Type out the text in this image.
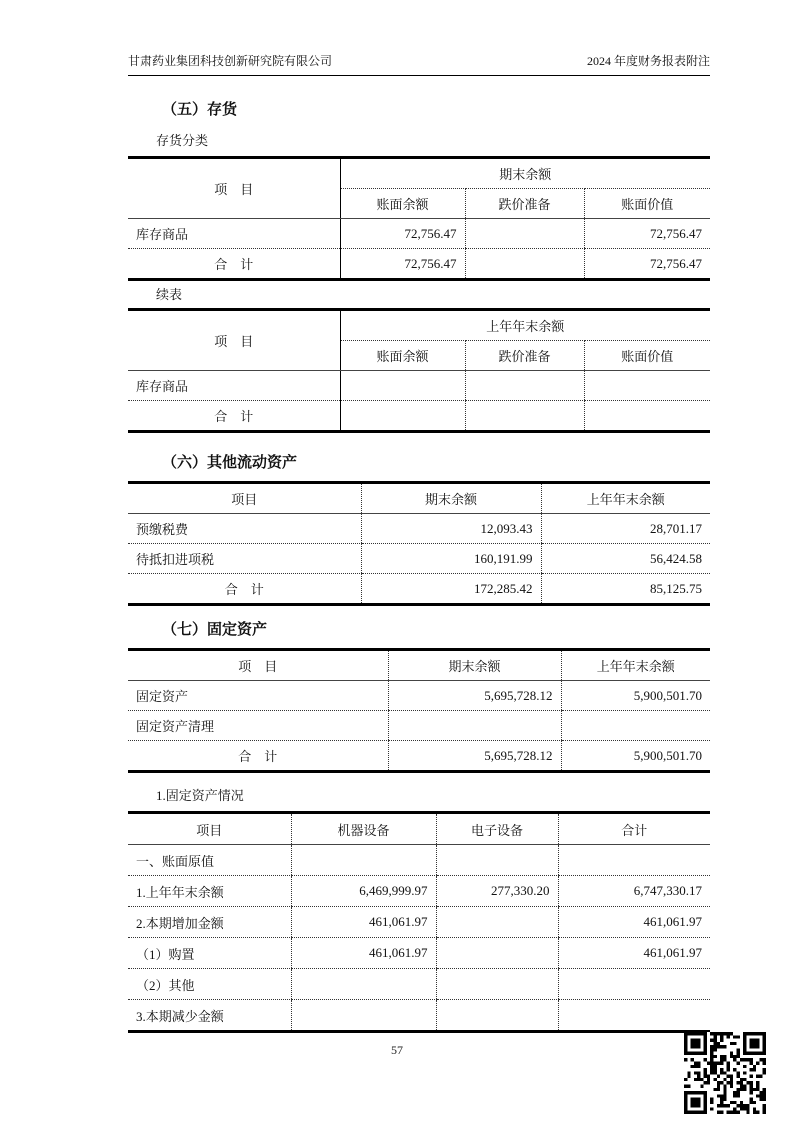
甘肃药业集团科技创新研究院有限公司	2024 年度财务报表附注
（五）存货
存货分类
项　目	期末余额		
	账面余额	跌价准备	账面价值
库存商品	72,756.47		72,756.47
合　计	72,756.47		72,756.47
续表
项　目	上年年末余额		
	账面余额	跌价准备	账面价值
库存商品			
合　计			
（六）其他流动资产
项目	期末余额	上年年末余额
预缴税费	12,093.43	28,701.17
待抵扣进项税	160,191.99	56,424.58
合　计	172,285.42	85,125.75
（七）固定资产
项　目	期末余额	上年年末余额
固定资产	5,695,728.12	5,900,501.70
固定资产清理		
合　计	5,695,728.12	5,900,501.70
1.固定资产情况
项目	机器设备	电子设备	合计
一、账面原值			
1.上年年末余额	6,469,999.97	277,330.20	6,747,330.17
2.本期增加金额	461,061.97		461,061.97
（1）购置	461,061.97		461,061.97
（2）其他			
3.本期减少金额			
57
